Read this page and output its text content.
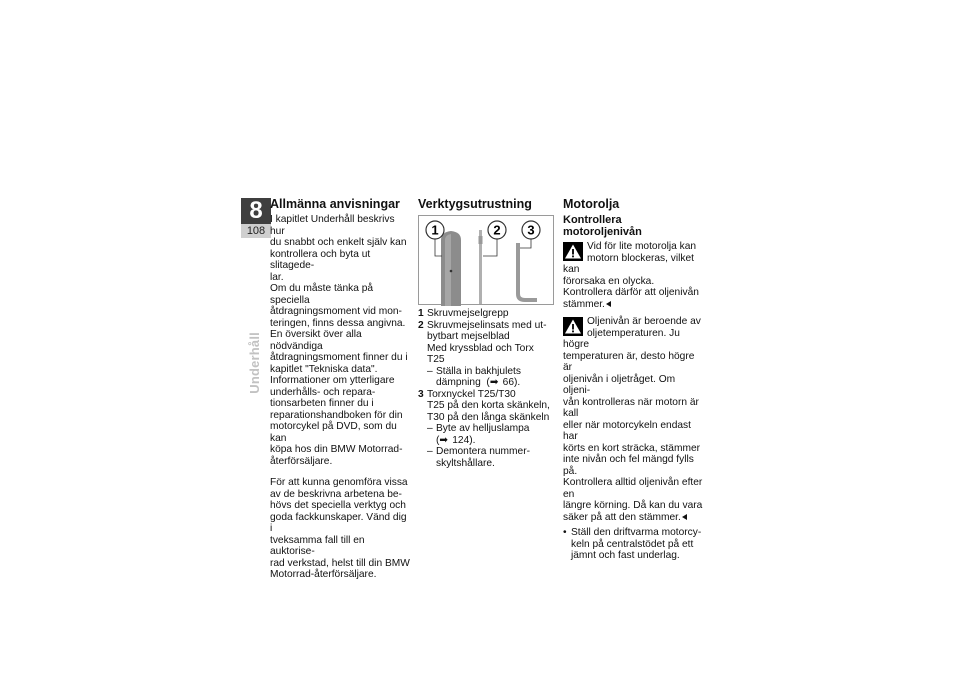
8
108
Underhåll
Allmänna anvisningar
I kapitlet Underhåll beskrivs hur
du snabbt och enkelt själv kan
kontrollera och byta ut slitagede-
lar.
Om du måste tänka på speciella
åtdragningsmoment vid mon-
teringen, finns dessa angivna.
En översikt över alla nödvändiga
åtdragningsmoment finner du i
kapitlet "Tekniska data".
Informationer om ytterligare
underhålls- och repara-
tionsarbeten finner du i
reparationshandboken för din
motorcykel på DVD, som du kan
köpa hos din BMW Motorrad-
återförsäljare.
För att kunna genomföra vissa
av de beskrivna arbetena be-
hövs det speciella verktyg och
goda fackkunskaper. Vänd dig i
tveksamma fall till en auktorise-
rad verkstad, helst till din BMW
Motorrad-återförsäljare.
Verktygsutrustning
1	2 3
1 Skruvmejselgrepp
2 Skruvmejselinsats med ut-
bytbart mejselblad
Med kryssblad och Torx
T25
– Ställa in bakhjulets
dämpning  (➡ 66).
3 Torxnyckel T25/T30
T25 på den korta skänkeln,
T30 på den långa skänkeln
– Byte av helljuslampa
(➡ 124).
– Demontera nummer-
skyltshållare.
Motorolja
Kontrollera
motoroljenivån
Vid för lite motorolja kan
motorn blockeras, vilket kan
förorsaka en olycka.
Kontrollera därför att oljenivån
stämmer.
Oljenivån är beroende av
oljetemperaturen. Ju högre
temperaturen är, desto högre är
oljenivån i oljetråget. Om oljeni-
vån kontrolleras när motorn är kall
eller när motorcykeln endast har
körts en kort sträcka, stämmer
inte nivån och fel mängd fylls på.
Kontrollera alltid oljenivån efter en
längre körning. Då kan du vara
säker på att den stämmer.
• Ställ den driftvarma motorcy-
keln på centralstödet på ett
jämnt och fast underlag.
